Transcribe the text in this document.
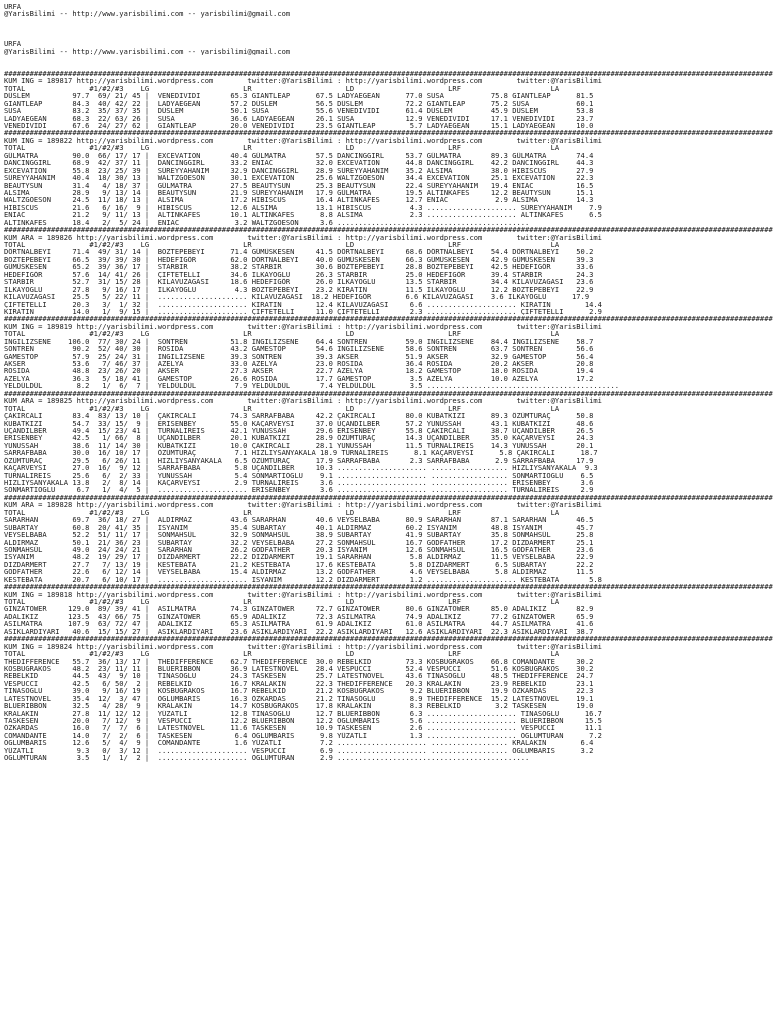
URFA
@YarisBilimi -- http://www.yarisbilimi.com -- yarisbilimi@gmail.com

URFA
@YarisBilimi -- http://www.yarisbilimi.com -- yarisbilimi@gmail.com

####################################################################################################################################################################################
KUM ING = 189817 http://yarisbilimi.wordpress.com        twitter:@YarisBilimi : http://yarisbilimi.wordpress.com        twitter:@YarisBilimi
TOTAL               #1/#2/#3    LG                      LR                      LD                      LRF                     LA
DÜSLEM          97.7  69/ 21/ 45 |  VENEDIVIDI       65.3 GIANTLEAP      67.5 LADYAEGEAN      77.0 SUSA           75.8 GIANTLEAP      81.5
GIANTLEAP       84.3  40/ 42/ 22 |  LADYAEGEAN       57.2 DÜSLEM         56.5 DÜSLEM          72.2 GIANTLEAP      75.2 SUSA           60.1
SUSA            83.2  35/ 37/ 35 |  DÜSLEM           50.1 SUSA           55.6 VENEDIVIDI      61.4 DÜSLEM         45.9 DÜSLEM         53.8
LADYAEGEAN      68.3  22/ 63/ 26 |  SUSA             36.6 LADYAEGEAN     26.1 SUSA            12.9 VENEDIVIDI     17.1 VENEDIVIDI     23.7
VENEDIVIDI      67.6  24/ 27/ 62 |  GIANTLEAP        20.0 VENEDIVIDI     23.5 GIANTLEAP        5.7 LADYAEGEAN     15.1 LADYAEGEAN     10.0
####################################################################################################################################################################################
KUM ING = 189822 http://yarisbilimi.wordpress.com        twitter:@YarisBilimi : http://yarisbilimi.wordpress.com        twitter:@YarisBilimi
TOTAL               #1/#2/#3    LG                      LR                      LD                      LRF                     LA
GÜLMATRA        90.0  66/ 17/ 17 |  EXCEVATION       40.4 GÜLMATRA       57.5 DANCINGGIRL     53.7 GÜLMATRA       89.3 GÜLMATRA       74.4
DANCINGGIRL     68.9  42/ 37/ 11 |  DANCINGGIRL      33.2 ENIAC          32.0 EXCEVATION      44.8 DANCINGGIRL    42.2 DANCINGGIRL    44.3
EXCEVATION      55.8  23/ 25/ 39 |  SÜREYYAHANIM     32.9 DANCINGGIRL    28.9 SÜREYYAHANIM    35.2 ALSIMA         38.0 HIBISCUS       27.9
SÜREYYAHANIM    40.4  18/ 30/ 13 |  WALTZGOESON      30.1 EXCEVATION     25.6 WALTZGOESON     34.4 EXCEVATION     25.1 EXCEVATION     22.3
BEAUTYSUN       31.4   4/ 18/ 37 |  GÜLMATRA         27.5 BEAUTYSUN      25.3 BEAUTYSUN       22.4 SÜREYYAHANIM   19.4 ENIAC          16.5
ALSIMA          28.9   9/ 13/ 14 |  BEAUTYSUN        21.9 SÜREYYAHANIM   17.9 GÜLMATRA        19.5 ALTINKAFES     12.2 BEAUTYSUN      15.1
WALTZGOESON     24.5  11/ 18/ 13 |  ALSIMA           17.2 HIBISCUS       16.4 ALTINKAFES      12.7 ENIAC           2.9 ALSIMA         14.3
HIBISCUS        21.6   6/ 16/  9 |  HIBISCUS         12.6 ALSIMA         13.1 HIBISCUS         4.3 ..................... SÜREYYAHANIM    7.9
ENIAC           21.2   9/ 11/ 13 |  ALTINKAFES       10.1 ALTINKAFES      8.8 ALSIMA           2.3 ..................... ALTINKAFES      6.5
ALTINKAFES      18.4   2/  5/ 24 |  ENIAC             3.2 WALTZGOESON     3.6 .............................................
####################################################################################################################################################################################
KUM ARA = 189826 http://yarisbilimi.wordpress.com        twitter:@YarisBilimi : http://yarisbilimi.wordpress.com        twitter:@YarisBilimi
TOTAL               #1/#2/#3    LG                      LR                      LD                      LRF                     LA
DÖRTNALBEYI     71.4  49/ 31/ 14 |  BOZTEPEBEYI      71.4 GÜMÜSKESEN     41.5 DÖRTNALBEYI     68.6 DÖRTNALBEYI    54.4 DÖRTNALBEYI    50.2
BOZTEPEBEYI     66.5  39/ 39/ 30 |  HEDEFIGÖR        62.0 DÖRTNALBEYI    40.0 GÜMÜSKESEN      66.3 GÜMÜSKESEN     42.9 GÜMÜSKESEN     39.3
GÜMÜSKESEN      65.2  39/ 36/ 17 |  STARBIR          38.2 STARBIR        30.6 BOZTEPEBEYI     28.8 BOZTEPEBEYI    42.5 HEDEFIGÖR      33.6
HEDEFIGÖR       57.6  14/ 41/ 26 |  ÇIFTETELLI       34.6 ILKAYOGLU      26.3 STARBIR         25.0 HEDEFIGÖR      39.4 STARBIR        24.3
STARBIR         52.7  31/ 15/ 28 |  KILAVUZAGASI     18.6 HEDEFIGÖR      26.0 ILKAYOGLU       13.5 STARBIR        34.4 KILAVUZAGASI   23.6
ILKAYOGLU       27.8   9/ 16/ 17 |  ILKAYOGLU         4.3 BOZTEPEBEYI    23.2 KIRATIN         11.5 ILKAYOGLU      12.2 BOZTEPEBEYI    22.9
KILAVUZAGASI    25.5   5/ 22/ 11 |  ..................... KILAVUZAGASI  18.2 HEDEFIGÖR        6.6 KILAVUZAGASI    3.6 ILKAYOGLU      17.9
ÇIFTETELLI      20.3   3/  1/ 32 |  ..................... KIRATIN        12.4 KILAVUZAGASI     6.6 ..................... KIRATIN        14.4
KIRATIN         14.0   1/  9/ 15 |  ..................... ÇIFTETELLI     11.0 ÇIFTETELLI       2.3 ..................... ÇIFTETELLI      2.9
####################################################################################################################################################################################
KUM ING = 189819 http://yarisbilimi.wordpress.com        twitter:@YarisBilimi : http://yarisbilimi.wordpress.com        twitter:@YarisBilimi
TOTAL               #1/#2/#3    LG                      LR                      LD                      LRF                     LA
INGILIZSENE    106.0  77/ 30/ 24 |  SONTREN          51.8 INGILIZSENE    64.4 SONTREN         59.0 INGILIZSENE    84.4 INGILIZSENE    58.7
SONTREN         90.2  52/ 40/ 30 |  ROSIDA           43.2 GAMESTOP       54.6 INGILIZSENE     58.6 SONTREN        63.7 SONTREN        56.6
GAMESTOP        57.9  25/ 24/ 31 |  INGILIZSENE      39.3 SONTREN        39.3 AKSER           51.9 AKSER          32.9 GAMESTOP       56.4
AKSER           53.6   7/ 46/ 37 |  AZELYA           33.0 AZELYA         23.0 ROSIDA          36.4 ROSIDA         20.2 AKSER          20.8
ROSIDA          48.8  23/ 26/ 20 |  AKSER            27.3 AKSER          22.7 AZELYA          18.2 GAMESTOP       18.0 ROSIDA         19.4
AZELYA          36.3   5/ 18/ 41 |  GAMESTOP         26.6 ROSIDA         17.7 GAMESTOP         3.5 AZELYA         10.0 AZELYA         17.2
YELDÜLDÜL        8.2   1/  6/  7 |  YELDÜLDÜL         7.9 YELDÜLDÜL       7.4 YELDÜLDÜL        3.5 .............................................
####################################################################################################################################################################################
KUM ARA = 189825 http://yarisbilimi.wordpress.com        twitter:@YarisBilimi : http://yarisbilimi.wordpress.com        twitter:@YarisBilimi
TOTAL               #1/#2/#3    LG                      LR                      LD                      LRF                     LA
ÇAKIRCALI       83.4  83/ 13/ 10 |  ÇAKIRCALI        74.3 SARRAFBABA     42.2 ÇAKIRCALI       80.0 KUBATKIZI      89.3 ÖZÜMTURAÇ      50.8
KUBATKIZI       54.7  33/ 15/  9 |  ERISENBEY        55.0 KAÇARVEYSI     37.0 UÇANDILBER      57.2 YUNUSSAH       43.1 KUBATKIZI      48.6
UÇANDILBER      49.4  15/ 23/ 41 |  TURNALIREIS      42.1 YUNUSSAH       29.6 ERISENBEY       55.8 ÇAKIRCALI      38.7 UÇANDILBER     26.5
ERISENBEY       42.5   1/ 66/  8 |  UÇANDILBER       20.1 KUBATKIZI      28.9 ÖZÜMTURAÇ       14.3 UÇANDILBER     35.0 KAÇARVEYSI     24.3
YUNUSSAH        38.6  11/ 14/ 30 |  KUBATKIZI        10.0 ÇAKIRCALI      28.1 YUNUSSAH        11.5 TURNALIREIS    14.3 YUNUSSAH       20.1
SARRAFBABA      30.0  16/ 10/ 17 |  ÖZÜMTURAÇ         7.1 HIZLIYSANYAKALA 18.9 TURNALIREIS      8.1 KAÇARVEYSI      5.8 ÇAKIRCALI      18.7
ÖZÜMTURAÇ       29.5   6/ 26/ 11 |  HIZLIYSANYAKALA   6.5 ÖZÜMTURAÇ      17.9 SARRAFBABA       2.3 SARRAFBABA      2.9 SARRAFBABA     17.9
KAÇARVEYSI      27.0  16/  9/ 12 |  SARRAFBABA        5.8 UÇANDILBER     10.3 ..................... .................. HIZLIYSANYAKALA  9.3
TURNALIREIS     25.6   6/  2/ 33 |  YUNUSSAH          5.4 SONMARTIOGLU    9.1 ..................... .................. SONMARTIOGLU    6.5
HIZLIYSANYAKALA 13.8   2/  8/ 14 |  KAÇARVEYSI        2.9 TURNALIREIS     3.6 ..................... .................. ERISENBEY       3.6
SONMARTIOGLU     6.7   1/  4/  5 |  ..................... ERISENBEY       3.6 ..................... .................. TURNALIREIS     2.9
####################################################################################################################################################################################
KUM ARA = 189828 http://yarisbilimi.wordpress.com        twitter:@YarisBilimi : http://yarisbilimi.wordpress.com        twitter:@YarisBilimi
TOTAL               #1/#2/#3    LG                      LR                      LD                      LRF                     LA
SARARHAN        69.7  36/ 18/ 27 |  ALDIRMAZ         43.6 SARARHAN       40.6 VEYSELBABA      80.9 SARARHAN       87.1 SARARHAN       46.5
SUBARTAY        60.8  20/ 41/ 35 |  ISYANIM          35.4 SUBARTAY       40.1 ALDIRMAZ        60.2 ISYANIM        48.8 ISYANIM        45.7
VEYSELBABA      52.2  51/ 11/ 17 |  SONMAHSÜL        32.9 SONMAHSÜL      38.9 SUBARTAY        41.9 SUBARTAY       35.8 SONMAHSÜL      25.8
ALDIRMAZ        50.1  21/ 36/ 23 |  SUBARTAY         32.2 VEYSELBABA     27.2 SONMAHSÜL       16.7 GODFATHER      17.2 DIZDARMERT     25.1
SONMAHSÜL       49.0  24/ 24/ 21 |  SARARHAN         26.2 GODFATHER      20.3 ISYANIM         12.6 SONMAHSÜL      16.5 GODFATHER      23.6
ISYANIM         48.2  19/ 29/ 17 |  DIZDARMERT       22.2 DIZDARMERT     19.1 SARARHAN         5.8 ALDIRMAZ       11.5 VEYSELBABA     22.9
DIZDARMERT      27.7   7/ 13/ 19 |  KESTEBATA        21.2 KESTEBATA      17.6 KESTEBATA        5.8 DIZDARMERT      6.5 SUBARTAY       22.2
GODFATHER       22.6   6/ 12/ 14 |  VEYSELBABA       15.4 ALDIRMAZ       13.2 GODFATHER        4.6 VEYSELBABA      5.8 ALDIRMAZ       11.5
KESTEBATA       20.7   6/ 10/ 17 |  ..................... ISYANIM        12.2 DIZDARMERT       1.2 ..................... KESTEBATA       5.8
####################################################################################################################################################################################
KUM ING = 189818 http://yarisbilimi.wordpress.com        twitter:@YarisBilimi : http://yarisbilimi.wordpress.com        twitter:@YarisBilimi
TOTAL               #1/#2/#3    LG                      LR                      LD                      LRF                     LA
GINZATOWER     129.0  89/ 39/ 41 |  ASILMATRA        74.3 GINZATOWER     72.7 GINZATOWER      80.6 GINZATOWER     85.0 ADALIKIZ       82.9
ADALIKIZ       123.5  43/ 66/ 75 |  GINZATOWER       65.9 ADALIKIZ       72.3 ASILMATRA       74.9 ADALIKIZ       77.2 GINZATOWER     65.9
ASILMATRA      107.9  63/ 72/ 47 |  ADALIKIZ         65.3 ASILMATRA      61.9 ADALIKIZ        61.0 ASILMATRA      44.7 ASILMATRA      41.6
ASIKLARDIYARI   40.6  15/ 15/ 27 |  ASIKLARDIYARI    23.6 ASIKLARDIYARI  22.2 ASIKLARDIYARI   12.6 ASIKLARDIYARI  22.3 ASIKLARDIYARI  38.7
####################################################################################################################################################################################
KUM ING = 189824 http://yarisbilimi.wordpress.com        twitter:@YarisBilimi : http://yarisbilimi.wordpress.com        twitter:@YarisBilimi
TOTAL               #1/#2/#3    LG                      LR                      LD                      LRF                     LA
THEDIFFERENCE   55.7  36/ 13/ 17 |  THEDIFFERENCE    62.7 THEDIFFERENCE  30.0 REBELKID        73.3 KOSBUGRAKOS    66.8 COMANDANTE     30.2
KOSBUGRAKOS     48.2  23/ 11/ 11 |  BLUERIBBON       36.9 LATESTNOVEL    28.4 VESPUCCI        52.4 VESPUCCI       51.6 KOSBUGRAKOS    30.2
REBELKID        44.5  43/  9/ 10 |  TINASOGLU        24.3 TASKESEN       25.7 LATESTNOVEL     43.6 TINASOGLU      48.5 THEDIFFERENCE  24.7
VESPUCCI        42.5   6/ 50/  2 |  REBELKID         16.7 KRALAKIN       22.3 THEDIFFERENCE   20.3 KRALAKIN       23.9 REBELKID       23.1
TINASOGLU       39.0   9/ 16/ 19 |  KOSBUGRAKOS      16.7 REBELKID       21.2 KOSBUGRAKOS      9.2 BLUERIBBON     19.9 ÖZKARDAS       22.3
LATESTNOVEL     35.4  12/  3/ 47 |  OGLUMBARIS       16.3 ÖZKARDAS       21.2 TINASOGLU        8.9 THEDIFFERENCE  15.2 LATESTNOVEL    19.1
BLUERIBBON      32.5   4/ 28/  9 |  KRALAKIN         14.7 KOSBUGRAKOS    17.8 KRALAKIN         8.3 REBELKID        3.2 TASKESEN       19.0
KRALAKIN        27.8  11/ 12/ 12 |  YÜZATLI          12.8 TINASOGLU      12.7 BLUERIBBON       6.3 ..................... TINASOGLU      16.7
TASKESEN        20.0   7/ 12/  9 |  VESPUCCI         12.2 BLUERIBBON     12.2 OGLUMBARIS       5.6 ..................... BLUERIBBON     15.5
ÖZKARDAS        16.0   7/  7/  6 |  LATESTNOVEL      11.6 TASKESEN       10.9 TASKESEN         2.6 ..................... VESPUCCI       11.1
COMANDANTE      14.0   7/  2/  6 |  TASKESEN          6.4 OGLUMBARIS      9.8 YÜZATLI          1.3 ..................... OGLUMTURAN      7.2
OGLUMBARIS      12.6   5/  4/  9 |  COMANDANTE        1.6 YÜZATLI         7.2 ..................... .................. KRALAKIN        6.4
YÜZATLI          9.3   0/  3/ 12 |  ..................... VESPUCCI        6.9 ..................... .................. OGLUMBARIS      3.2
OGLUMTURAN       3.5   1/  1/  2 |  ..................... OGLUMTURAN      2.9 .............................................
